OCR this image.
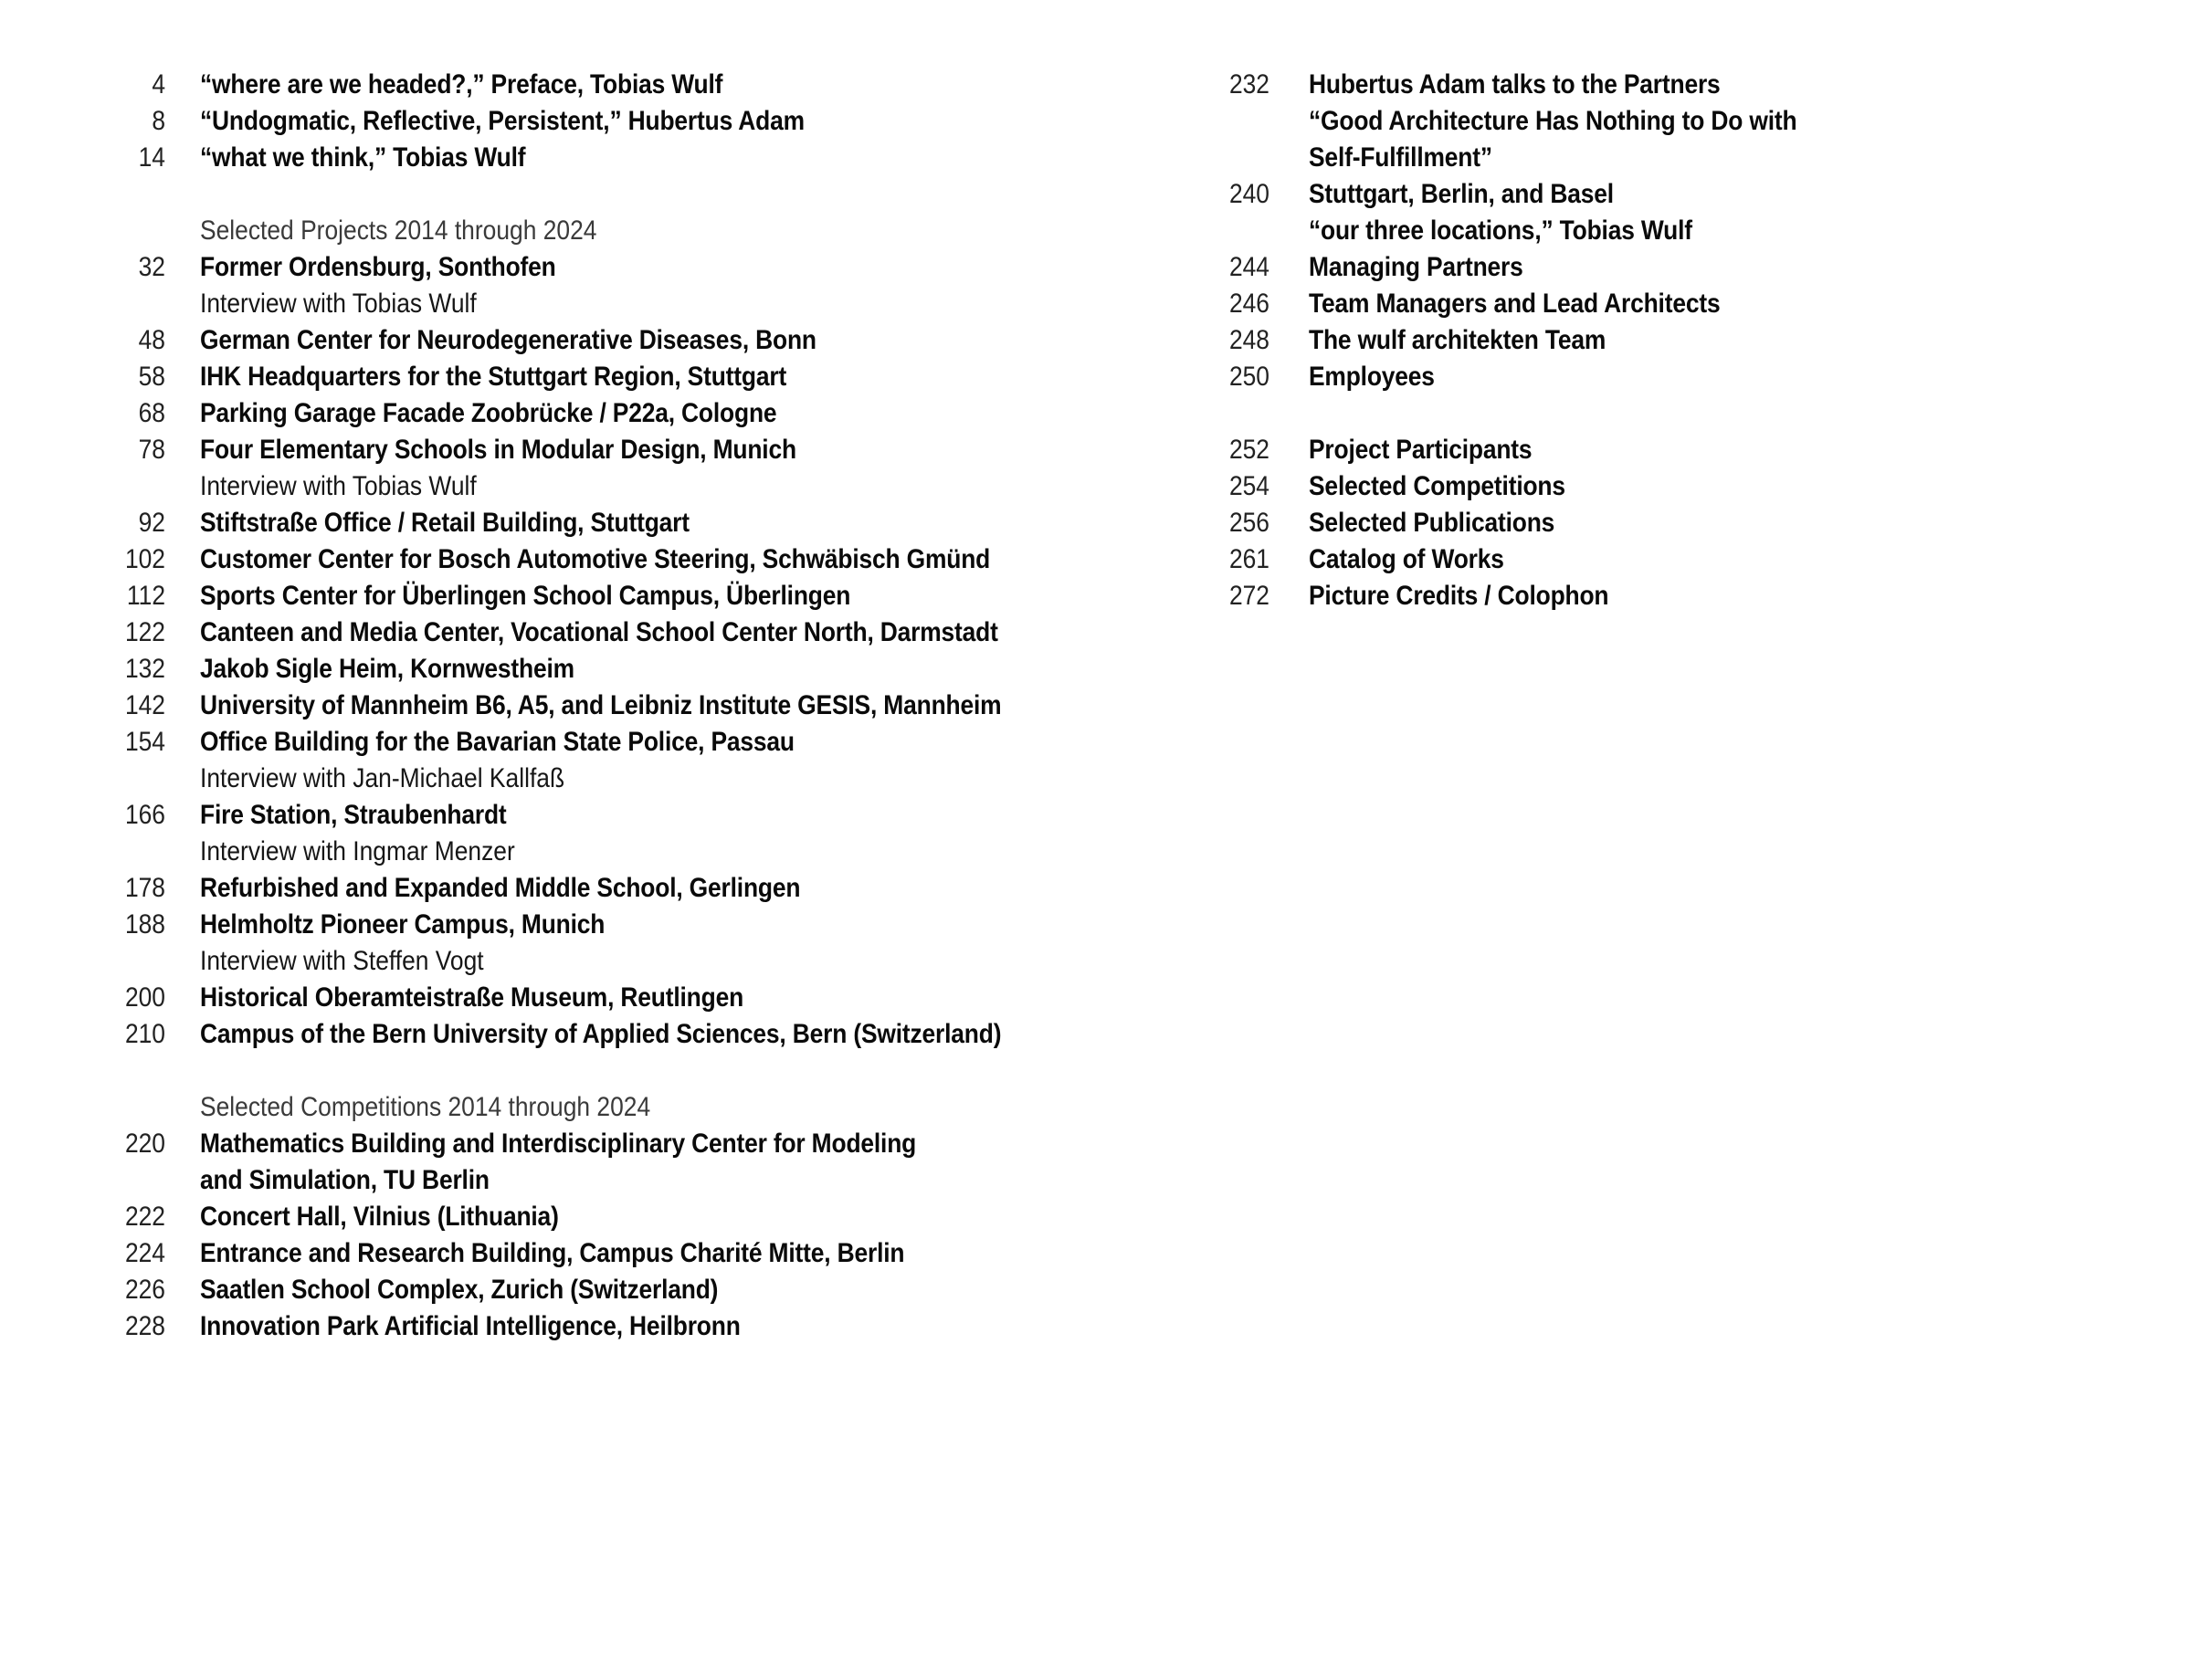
4 “where are we headed?,” Preface, Tobias Wulf
8 “Undogmatic, Reflective, Persistent,” Hubertus Adam
14 “what we think,” Tobias Wulf
Selected Projects 2014 through 2024
32 Former Ordensburg, Sonthofen
Interview with Tobias Wulf
48 German Center for Neurodegenerative Diseases, Bonn
58 IHK Headquarters for the Stuttgart Region, Stuttgart
68 Parking Garage Facade Zoobrücke / P22a, Cologne
78 Four Elementary Schools in Modular Design, Munich
Interview with Tobias Wulf
92 Stiftstraße Office / Retail Building, Stuttgart
102 Customer Center for Bosch Automotive Steering, Schwäbisch Gmünd
112 Sports Center for Überlingen School Campus, Überlingen
122 Canteen and Media Center, Vocational School Center North, Darmstadt
132 Jakob Sigle Heim, Kornwestheim
142 University of Mannheim B6, A5, and Leibniz Institute GESIS, Mannheim
154 Office Building for the Bavarian State Police, Passau
Interview with Jan-Michael Kallfaß
166 Fire Station, Straubenhardt
Interview with Ingmar Menzer
178 Refurbished and Expanded Middle School, Gerlingen
188 Helmholtz Pioneer Campus, Munich
Interview with Steffen Vogt
200 Historical Oberamteistraße Museum, Reutlingen
210 Campus of the Bern University of Applied Sciences, Bern (Switzerland)
Selected Competitions 2014 through 2024
220 Mathematics Building and Interdisciplinary Center for Modeling
and Simulation, TU Berlin
222 Concert Hall, Vilnius (Lithuania)
224 Entrance and Research Building, Campus Charité Mitte, Berlin
226 Saatlen School Complex, Zurich (Switzerland)
228 Innovation Park Artificial Intelligence, Heilbronn
232 Hubertus Adam talks to the Partners
“Good Architecture Has Nothing to Do with
Self-Fulfillment”
240 Stuttgart, Berlin, and Basel
“our three locations,” Tobias Wulf
244 Managing Partners
246 Team Managers and Lead Architects
248 The wulf architekten Team
250 Employees
252 Project Participants
254 Selected Competitions
256 Selected Publications
261 Catalog of Works
272 Picture Credits / Colophon
